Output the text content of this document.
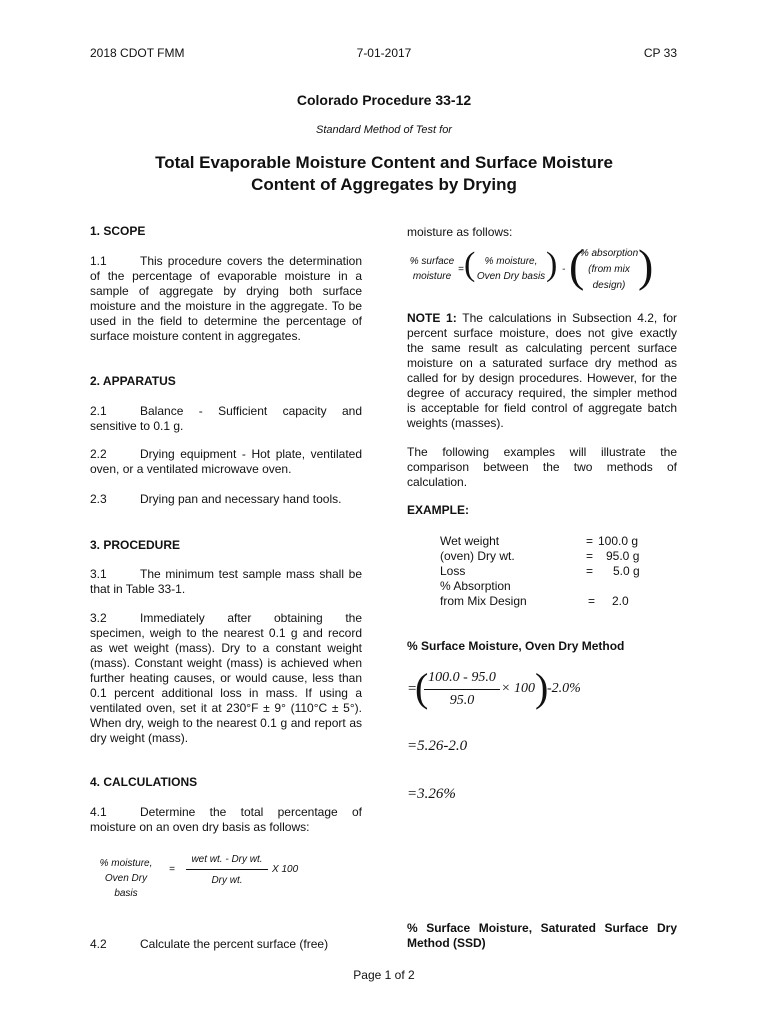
2018 CDOT FMM	7-01-2017	CP 33
Colorado Procedure 33-12
Standard Method of Test for
Total Evaporable Moisture Content and Surface Moisture
Content of Aggregates by Drying
1. SCOPE
1.1	This procedure covers the determination of the percentage of evaporable moisture in a sample of aggregate by drying both surface moisture and the moisture in the aggregate. To be used in the field to determine the percentage of surface moisture content in aggregates.
2. APPARATUS
2.1	Balance - Sufficient capacity and sensitive to 0.1 g.
2.2	Drying equipment - Hot plate, ventilated oven, or a ventilated microwave oven.
2.3	Drying pan and necessary hand tools.
3. PROCEDURE
3.1	The minimum test sample mass shall be that in Table 33-1.
3.2	Immediately after obtaining the specimen, weigh to the nearest 0.1 g and record as wet weight (mass). Dry to a constant weight (mass). Constant weight (mass) is achieved when further heating causes, or would cause, less than 0.1 percent additional loss in mass. If using a ventilated oven, set it at 230°F ± 9° (110°C ± 5°). When dry, weigh to the nearest 0.1 g and report as dry weight (mass).
4. CALCULATIONS
4.1	Determine the total percentage of moisture on an oven dry basis as follows:
% moisture,
Oven Dry basis
=
wet wt. - Dry wt.
Dry wt.
X 100
4.2	Calculate the percent surface (free)
moisture as follows:
% surface
moisture
= ( % moisture,
Oven Dry basis ) - (
% absorption
(from mix
design) )
NOTE 1: The calculations in Subsection 4.2, for percent surface moisture, does not give exactly the same result as calculating percent surface moisture on a saturated surface dry method as called for by design procedures. However, for the degree of accuracy required, the simpler method is acceptable for field control of aggregate batch weights (masses).
The following examples will illustrate the comparison between the two methods of calculation.
EXAMPLE:
Wet weight	= 100.0 g
(oven) Dry wt.	= 95.0 g
Loss	= 5.0 g
% Absorption
from Mix Design	= 2.0
% Surface Moisture, Oven Dry Method
=
( 100.0 - 95.0
95.0
× 100 )
-2.0%
=5.26-2.0
=3.26%
% Surface Moisture, Saturated Surface Dry Method (SSD)
Page 1 of 2
